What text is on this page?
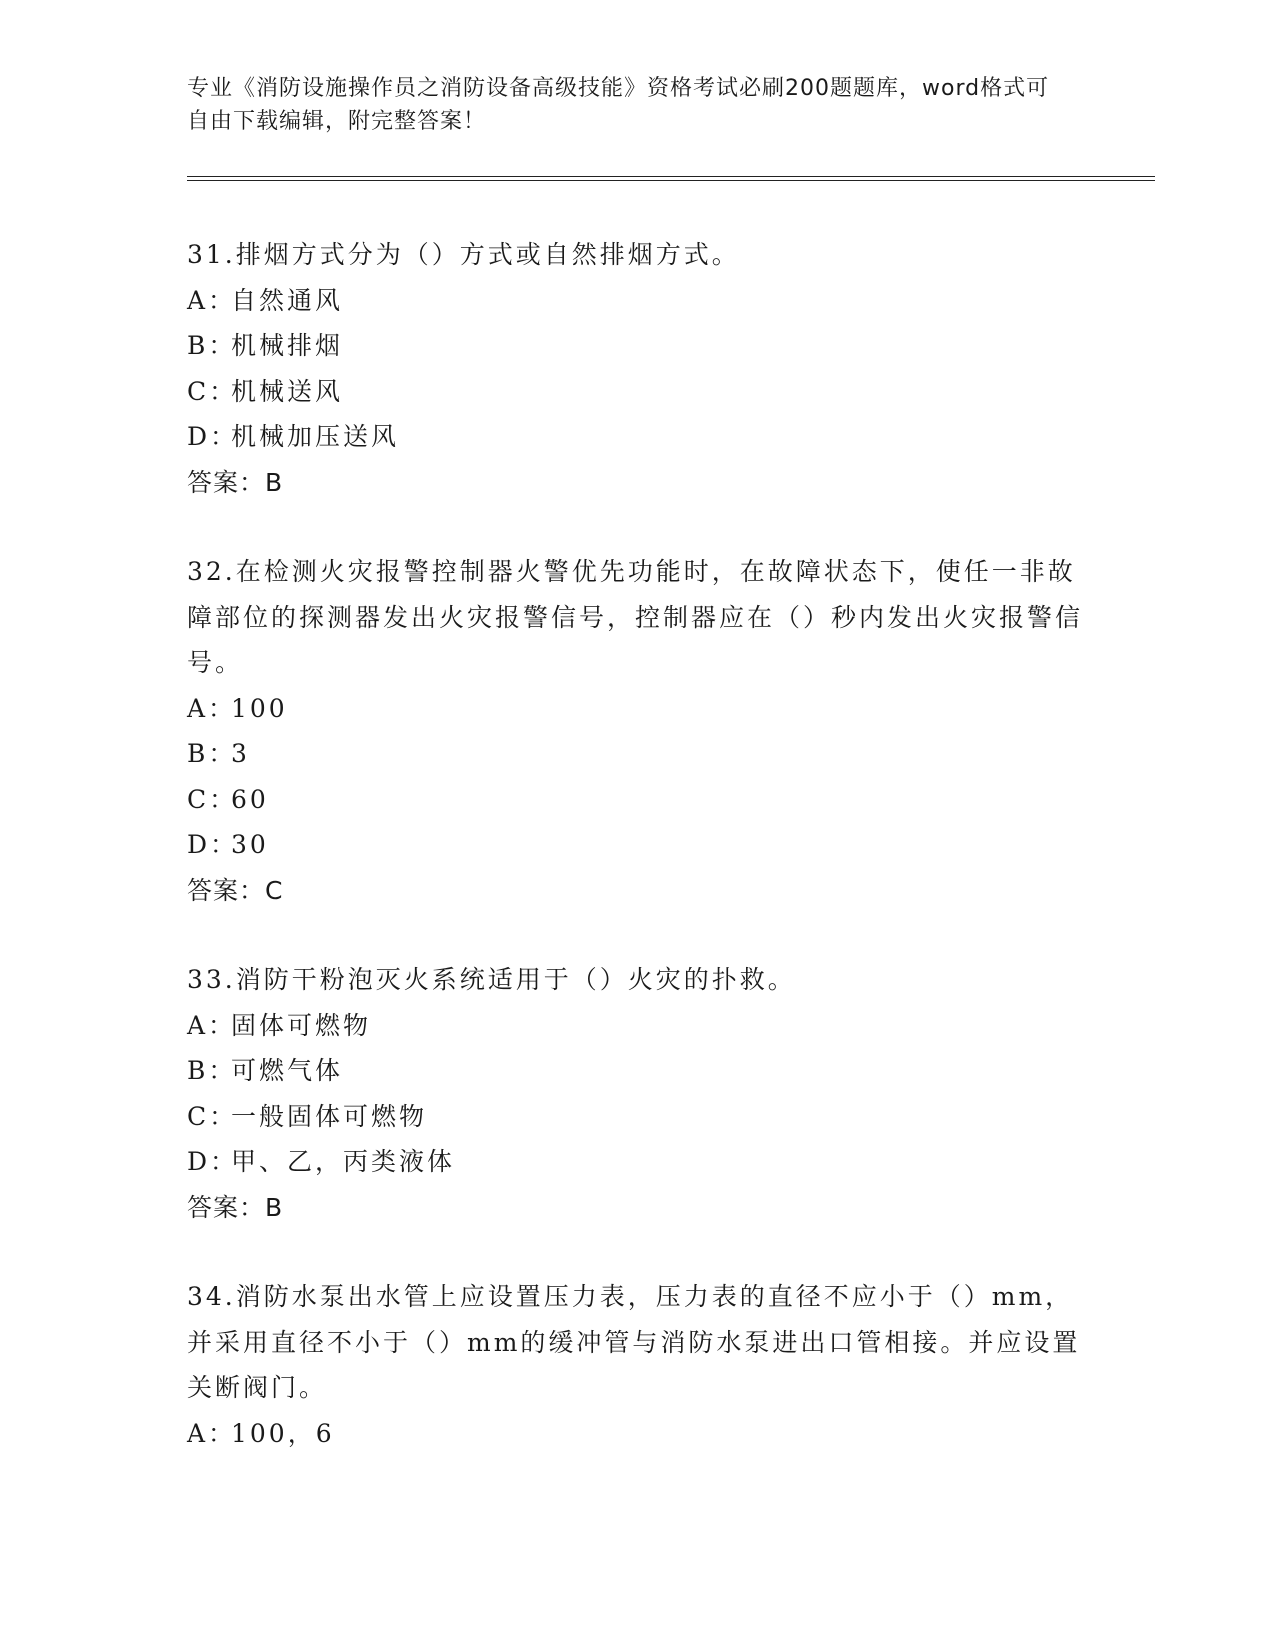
专业《消防设施操作员之消防设备高级技能》资格考试必刷200题题库，word格式可自由下载编辑，附完整答案！

31.排烟方式分为（）方式或自然排烟方式。

A：自然通风

B：机械排烟

C：机械送风

D：机械加压送风

答案：B

32.在检测火灾报警控制器火警优先功能时，在故障状态下，使任一非故障部位的探测器发出火灾报警信号，控制器应在（）秒内发出火灾报警信号。

A：100

B：3

C：60

D：30

答案：C

33.消防干粉泡灭火系统适用于（）火灾的扑救。

A：固体可燃物

B：可燃气体

C：一般固体可燃物

D：甲、乙，丙类液体

答案：B

34.消防水泵出水管上应设置压力表，压力表的直径不应小于（）mm，并采用直径不小于（）mm的缓冲管与消防水泵进出口管相接。并应设置关断阀门。

A：100，6
